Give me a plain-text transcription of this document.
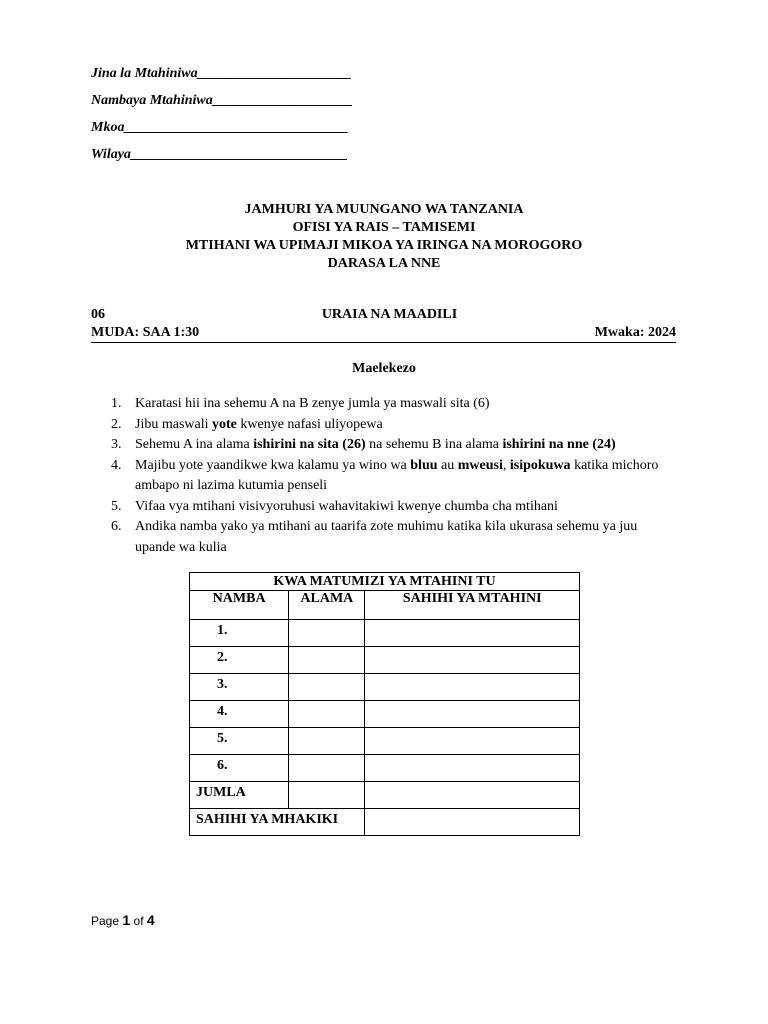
Jina la Mtahiniwa______________________
Nambaya Mtahiniwa____________________
Mkoa________________________________
Wilaya_______________________________
JAMHURI YA MUUNGANO WA TANZANIA
OFISI YA RAIS – TAMISEMI
MTIHANI WA UPIMAJI MIKOA YA IRINGA NA MOROGORO
DARASA LA NNE
06	URAIA NA MAADILI
MUDA: SAA 1:30	Mwaka: 2024
Maelekezo
1. Karatasi hii ina sehemu A na B zenye jumla ya maswali sita (6)
2. Jibu maswali yote kwenye nafasi uliyopewa
3. Sehemu A ina alama ishirini na sita (26) na sehemu B ina alama ishirini na nne (24)
4. Majibu yote yaandikwe kwa kalamu ya wino wa bluu au mweusi, isipokuwa katika michoro ambapo ni lazima kutumia penseli
5. Vifaa vya mtihani visivyoruhusi wahavitakiwi kwenye chumba cha mtihani
6. Andika namba yako ya mtihani au taarifa zote muhimu katika kila ukurasa sehemu ya juu upande wa kulia
KWA MATUMIZI YA MTAHINI TU		
NAMBA	ALAMA	SAHIHI YA MTAHINI
1.		
2.		
3.		
4.		
5.		
6.		
JUMLA		
SAHIHI YA MHAKIKI		
Page 1 of 4
